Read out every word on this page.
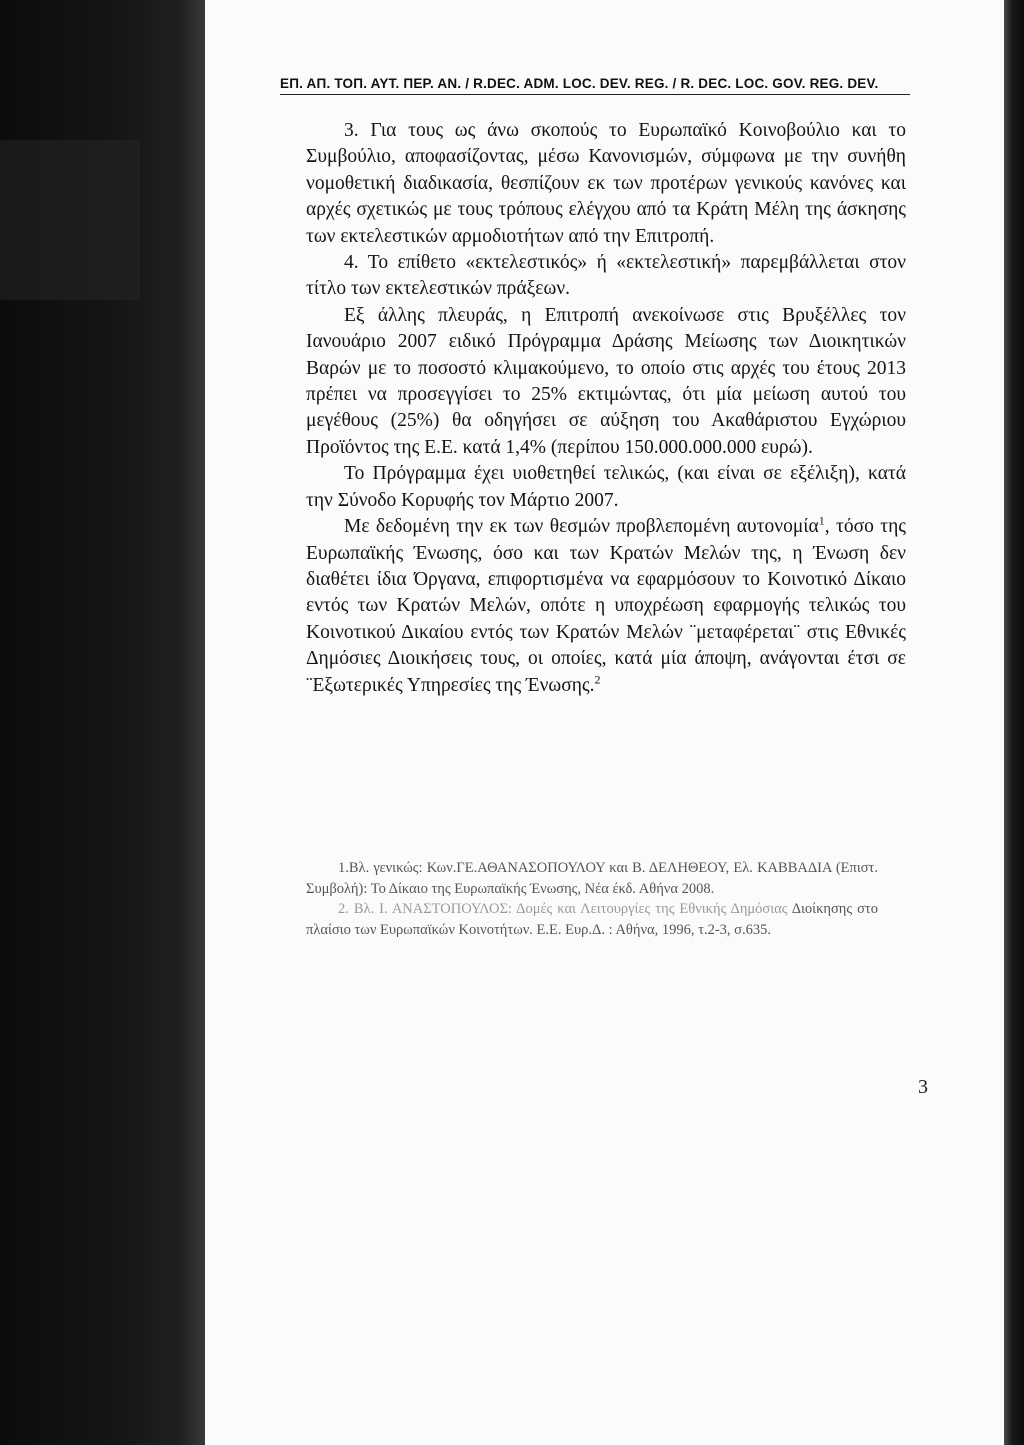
ΕΠ. ΑΠ. ΤΟΠ. ΑΥΤ. ΠΕΡ. ΑΝ. / R.DEC. ADM. LOC. DEV. REG. / R. DEC. LOC. GOV. REG. DEV.

3. Για τους ως άνω σκοπούς το Ευρωπαϊκό Κοινοβούλιο και το Συμβούλιο, αποφασίζοντας, μέσω Κανονισμών, σύμφωνα με την συνήθη νομοθετική διαδικασία, θεσπίζουν εκ των προτέρων γενικούς κανόνες και αρχές σχετικώς με τους τρόπους ελέγχου από τα Κράτη Μέλη της άσκησης των εκτελεστικών αρμοδιοτήτων από την Επιτροπή.

4. Το επίθετο «εκτελεστικός» ή «εκτελεστική» παρεμβάλλεται στον τίτλο των εκτελεστικών πράξεων.

Εξ άλλης πλευράς, η Επιτροπή ανεκοίνωσε στις Βρυξέλλες τον Ιανουάριο 2007 ειδικό Πρόγραμμα Δράσης Μείωσης των Διοικητικών Βαρών με το ποσοστό κλιμακούμενο, το οποίο στις αρχές του έτους 2013 πρέπει να προσεγγίσει το 25% εκτιμώντας, ότι μία μείωση αυτού του μεγέθους (25%) θα οδηγήσει σε αύξηση του Ακαθάριστου Εγχώριου Προϊόντος της Ε.Ε. κατά 1,4% (περίπου 150.000.000.000 ευρώ).

Το Πρόγραμμα έχει υιοθετηθεί τελικώς, (και είναι σε εξέλιξη), κατά την Σύνοδο Κορυφής τον Μάρτιο 2007.

Με δεδομένη την εκ των θεσμών προβλεπομένη αυτονομία$^1$, τόσο της Ευρωπαϊκής Ένωσης, όσο και των Κρατών Μελών της, η Ένωση δεν διαθέτει ίδια Όργανα, επιφορτισμένα να εφαρμόσουν το Κοινοτικό Δίκαιο εντός των Κρατών Μελών, οπότε η υποχρέωση εφαρμογής τελικώς του Κοινοτικού Δικαίου εντός των Κρατών Μελών ¨μεταφέρεται¨ στις Εθνικές Δημόσιες Διοικήσεις τους, οι οποίες, κατά μία άποψη, ανάγονται έτσι σε ¨Εξωτερικές Υπηρεσίες της Ένωσης.$^2$

1.Βλ. γενικώς: Κων.ΓΕ.ΑΘΑΝΑΣΟΠΟΥΛΟΥ και Β. ΔΕΛΗΘΕΟΥ, Ελ. ΚΑΒΒΑΔΙΑ (Επιστ. Συμβολή): Το Δίκαιο της Ευρωπαϊκής Ένωσης, Νέα έκδ. Αθήνα 2008.

2. Βλ. Ι. ΑΝΑΣΤΟΠΟΥΛΟΣ: Δομές και Λειτουργίες της Εθνικής Δημόσιας Διοίκησης στο πλαίσιο των Ευρωπαϊκών Κοινοτήτων. Ε.Ε. Ευρ.Δ. : Αθήνα, 1996, τ.2-3, σ.635.

3
